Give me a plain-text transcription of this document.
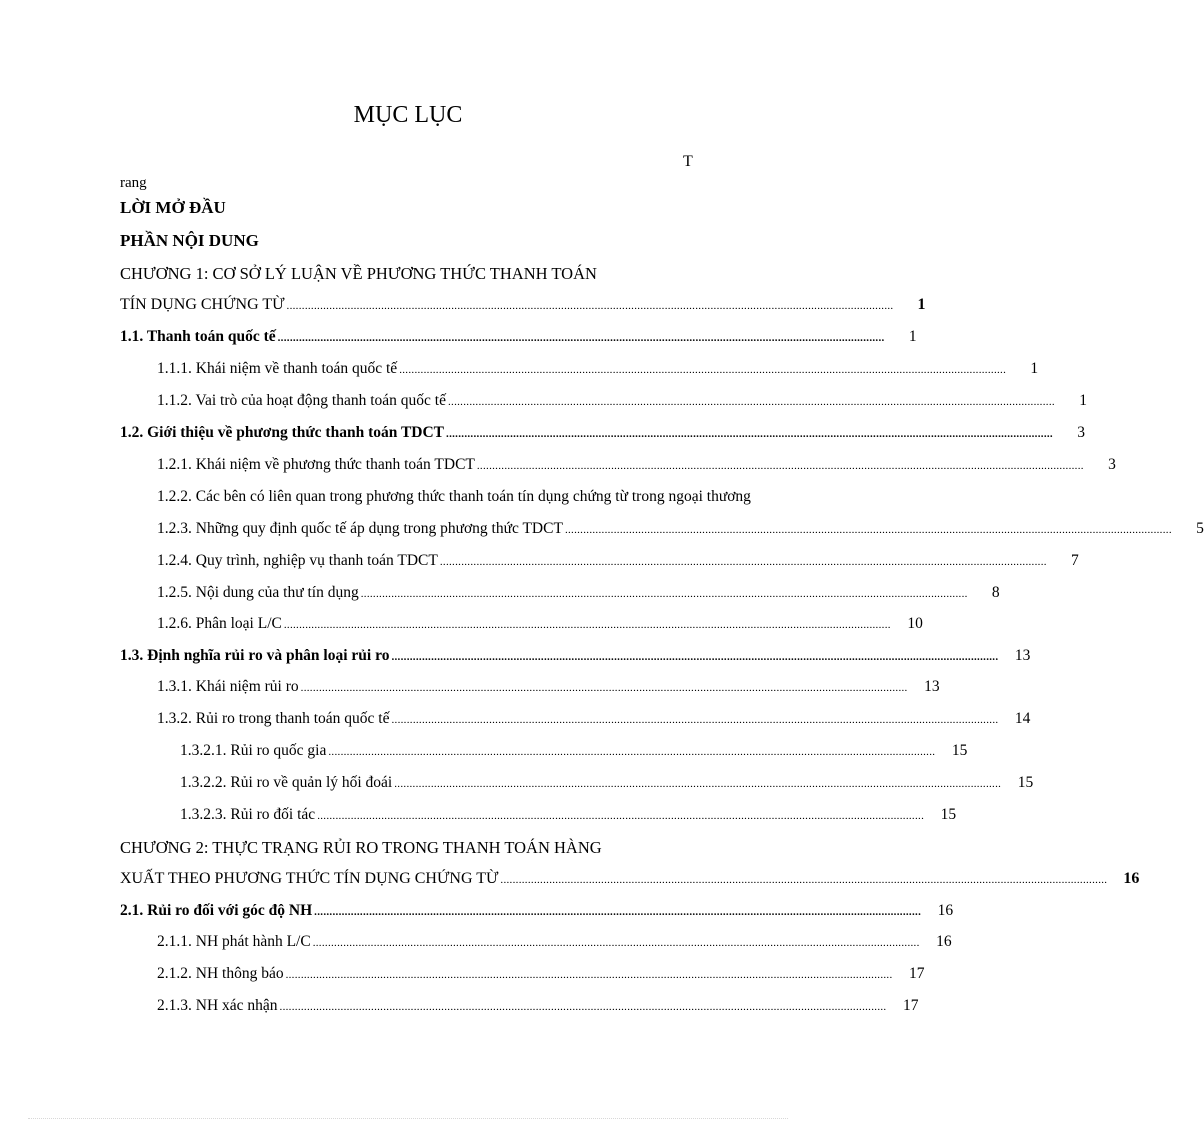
MỤC LỤC
T
rang
LỜI MỞ ĐẦU
PHẦN NỘI DUNG
CHƯƠNG 1: CƠ SỞ LÝ LUẬN VỀ PHƯƠNG THỨC THANH TOÁN
TÍN DỤNG CHỨNG TỪ .......................................................................................................................................................................................................	1
1.1. Thanh toán quốc tế .......................................................................................................................................................................................................	1
1.1.1. Khái niệm về thanh toán quốc tế .......................................................................................................................................................................................................	1
1.1.2. Vai trò của hoạt động thanh toán quốc tế .......................................................................................................................................................................................................	1
1.2. Giới thiệu về phương thức thanh toán TDCT .......................................................................................................................................................................................................	3
1.2.1. Khái niệm về phương thức thanh toán TDCT .......................................................................................................................................................................................................	3
1.2.2. Các bên có liên quan trong phương thức thanh toán tín dụng chứng từ trong ngoại thương
1.2.3. Những quy định quốc tế áp dụng trong phương thức TDCT .......................................................................................................................................................................................................	5
1.2.4. Quy trình, nghiệp vụ thanh toán TDCT .......................................................................................................................................................................................................	7
1.2.5. Nội dung của thư tín dụng .......................................................................................................................................................................................................	8
1.2.6. Phân loại L/C .......................................................................................................................................................................................................	10
1.3. Định nghĩa rủi ro và phân loại rủi ro .......................................................................................................................................................................................................	13
1.3.1. Khái niệm rủi ro .......................................................................................................................................................................................................	13
1.3.2. Rủi ro trong thanh toán quốc tế .......................................................................................................................................................................................................	14
1.3.2.1. Rủi ro quốc gia .......................................................................................................................................................................................................	15
1.3.2.2. Rủi ro về quản lý hối đoái .......................................................................................................................................................................................................	15
1.3.2.3. Rủi ro đối tác .......................................................................................................................................................................................................	15
CHƯƠNG 2: THỰC TRẠNG RỦI RO TRONG THANH TOÁN HÀNG
XUẤT THEO PHƯƠNG THỨC TÍN DỤNG CHỨNG TỪ .......................................................................................................................................................................................................	16
2.1. Rủi ro đối với góc độ NH .......................................................................................................................................................................................................	16
2.1.1. NH phát hành L/C .......................................................................................................................................................................................................	16
2.1.2. NH thông báo .......................................................................................................................................................................................................	17
2.1.3. NH xác nhận .......................................................................................................................................................................................................	17
